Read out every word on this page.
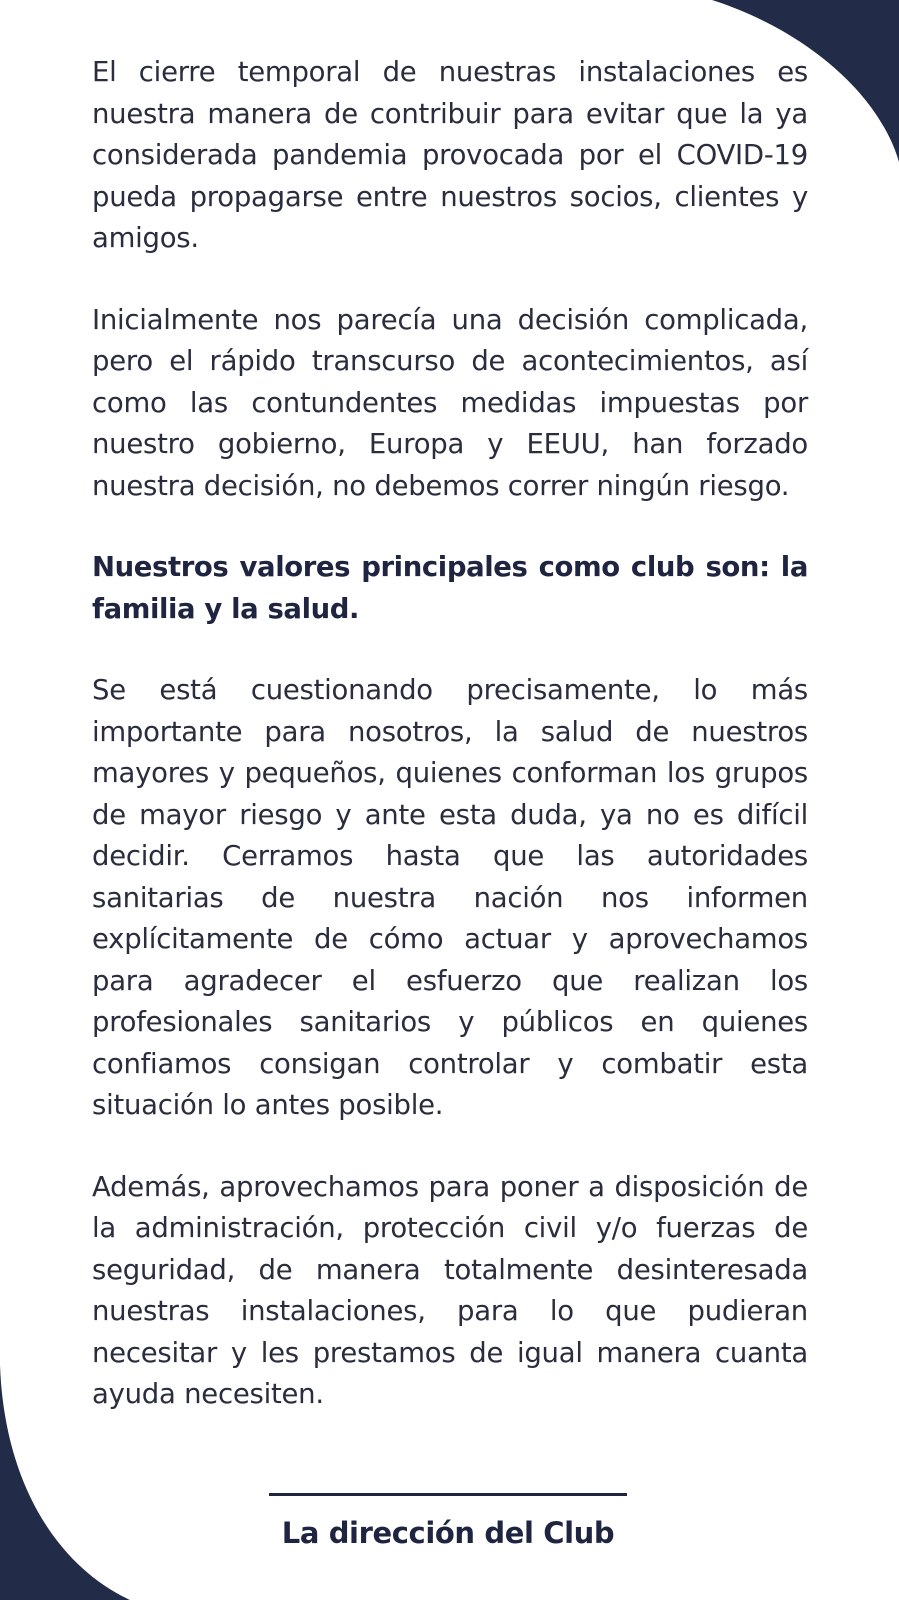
El cierre temporal de nuestras instalaciones es nuestra manera de contribuir para evitar que la ya considerada pandemia provocada por el COVID-19 pueda propagarse entre nuestros socios, clientes y amigos.

Inicialmente nos parecía una decisión complicada, pero el rápido transcurso de acontecimientos, así como las contundentes medidas impuestas por nuestro gobierno, Europa y EEUU, han forzado nuestra decisión, no debemos correr ningún riesgo.

Nuestros valores principales como club son: la familia y la salud.

Se está cuestionando precisamente, lo más importante para nosotros, la salud de nuestros mayores y pequeños, quienes conforman los grupos de mayor riesgo y ante esta duda, ya no es difícil decidir. Cerramos hasta que las autoridades sanitarias de nuestra nación nos informen explícitamente de cómo actuar y aprovechamos para agradecer el esfuerzo que realizan los profesionales sanitarios y públicos en quienes confiamos consigan controlar y combatir esta situación lo antes posible.

Además, aprovechamos para poner a disposición de la administración, protección civil y/o fuerzas de seguridad, de manera totalmente desinteresada nuestras instalaciones, para lo que pudieran necesitar y les prestamos de igual manera cuanta ayuda necesiten.

La dirección del Club
